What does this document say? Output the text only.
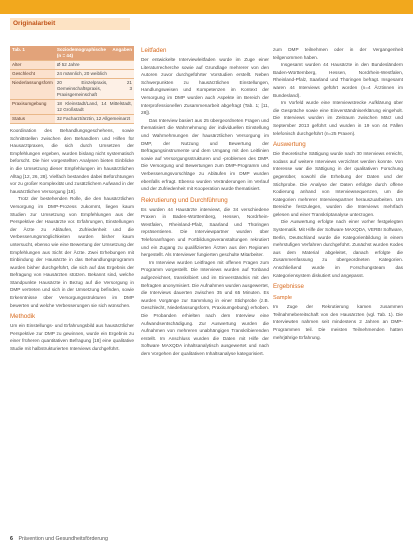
Originalarbeit
Tab. 1	Soziodemographische Angaben (n = 44)
Alter	Ø 52 Jahre
Geschlecht	24 männlich, 20 weiblich
Niederlassungsform	20 Einzelpraxis, 21 Gemeinschaftspraxis, 3 Praxisgemeinschaft
Praxisumgebung	18 Kleinstadt/Land, 14 Mittelstadt, 12 Großstadt
Status	32 Facharzt/ärztin, 12 Allgemeinarzt

Koordination des Behandlungsgeschehens, sowie Schnittstellen zwischen den Behandlern und Hilfen für Hausarztpraxen, die sich durch Umsetzen der Empfehlungen ergeben, wurden bislang nicht systematisch beforscht. Die hier vorgestellten Analysen bieten Einblicke in die Umsetzung dieser Empfehlungen im hausärztlichen Alltag [12, 26, 28]. Vielfach bestanden dabei Befürchtungen vor zu großer Komplexität und zusätzlichem Aufwand in der hausärztlichen Versorgung [18].

Trotz der bestehenden Rolle, die den hausärztlichen Versorgung im DMP-Prozess zukommt, liegen kaum Studien zur Umsetzung von Empfehlungen aus der Perspektive der Hausärzte vor. Erfahrungen, Einstellungen der Ärzte zu Abläufen, Zufriedenheit und die Verbesserungsmöglichkeiten wurden bisher kaum untersucht, ebenso wie eine Bewertung der Umsetzung der Empfehlungen aus Sicht der Ärzte. Zwei Erhebungen mit Einbindung der Hausärzte in das Behandlungsprogramm wurden bisher durchgeführt, die sich auf das Ergebnis der Befragung von Hausärzten stützen. Bekannt sind, welche Standpunkte Hausärzte in Bezug auf die Versorgung in DMP vertreten und sich in der Umsetzung befinden, sowie Erkenntnisse über Versorgungsstrukturen im DMP bewerten und welche Verbesserungen sie sich wünschen.

Methodik

Um ein Einstellungs- und Erfahrungsbild aus hausärztlicher Perspektive zur DMP zu gewinnen, wurde ein Ergebnis zu einer früheren quantitativen Befragung [18] eine qualitative Studie mit halbstrukturierten Interviews durchgeführt.

Leitfaden

Der entwickelte Interviewleitfaden wurde im Zuge einer Literaturrecherche sowie auf Grundlage mehrerer von den Autoren zuvor durchgeführter Vorstudien erstellt. Neben Schwerpunkten zu hausärztlichen Einstellungen, Handlungsweisen und Kompetenzen im Kontext der Versorgung im DMP wurden auch Aspekte im Bereich der Interprofessionellen Zusammenarbeit abgefragt (Tab. 1; [11, 28]).

Das Interview basiert aus 25 übergeordneten Fragen und thematisiert die Wahrnehmung der individuellen Einstellung und Wahrnehmungen der hausärztlichen Versorgung im DMP, der Nutzung und Bewertung der Befragungsinstrumente und dem Umgang mit den Leitlinien sowie auf Versorgungsstrukturen und -problemen des DMP. Die Versorgung und Bewertungen zum DMP-Programm und Verbesserungsvorschläge zu Abläufen im DMP wurden ebenfalls erfragt. Ebenso wurden Veränderungen im Verlauf und der Zufriedenheit mit Kooperation wurde thematisiert.

Rekrutierung und Durchführung

Es wurden 44 Hausärzte interviewt, die 34 verschiedene Praxen in Baden-Württemberg, Hessen, Nordrhein-Westfalen, Rheinland-Pfalz, Saarland und Thüringen repräsentieren. Die Interviewpartner wurden über Telefonanfragen und Fortbildungsveranstaltungen rekrutiert und ein Zugang zu qualifizierten Ärzten aus den Regionen hergestellt. Als Interviewer fungierten geschulte Mitarbeiter.

Im Interview wurden Leitfragen mit offenen Fragen zum Programm vorgestellt. Die Interviews wurden auf Tonband aufgezeichnet, transkribiert und im Einverständnis mit den Befragten anonymisiert. Die Aufnahmen wurden ausgewertet, die Interviews dauerten zwischen 35 und 65 Minuten. Es wurden Vorgänge zur Sammlung in einer Stichprobe (z.B. Geschlecht, Niederlassungsform, Praxisumgebung) erhoben. Die Probanden erhielten nach dem Interview eine Aufwandsentschädigung. Zur Auswertung wurden die Aufnahmen von mehreren unabhängigen Transkribierenden erstellt. Im Anschluss wurden die Daten mit Hilfe der Software MAXQDA inhaltsanalytisch ausgewertet und nach dem Vorgehen der qualitativen Inhaltsanalyse kategorisiert.

zum DMP teilnehmen oder in der Vergangenheit teilgenommen haben.

Insgesamt wurden 44 Hausärzte in den Bundesländern Baden-Württemberg, Hessen, Nordrhein-Westfalen, Rheinland-Pfalz, Saarland und Thüringen befragt. Insgesamt waren 44 Interviews geführt worden (n=4 Ärztinnen im Bundesland).

Im Vorfeld wurde eine Interviewstrecke Aufklärung über die Gespräche sowie eine Einverständniserklärung eingeholt. Die Interviews wurden im Zeitraum zwischen März und September 2013 geführt und wurden in 19 von 44 Fällen telefonisch durchgeführt (n=25 Praxen).

Auswertung

Die theoretische Sättigung wurde nach 30 Interviews erreicht, sodass auf weitere Interviews verzichtet werden konnte. Von Interesse war die Sättigung in der qualitativen Forschung gegenüber, sowohl die Erhebung der Daten und der Stichprobe. Die Analyse der Daten erfolgte durch offene Kodierung anhand von Interviewsequenzen, um die Kategorien mehrerer Interviewpartner herauszuarbeiten. Um Bereiche festzulegen, wurden die Interviews mehrfach gelesen und einer Transkriptanalyse unterzogen.

Die Auswertung erfolgte nach einer vorher festgelegten Systematik. Mit Hilfe der Software MAXQDA, VERBI Software, Berlin, Deutschland wurde die Kategorienbildung in einem mehrstufigen Verfahren durchgeführt. Zunächst wurden Kodes aus dem Material abgeleitet, danach erfolgte die Zusammenfassung zu übergeordneten Kategorien. Anschließend wurde im Forschungsteam das Kategoriensystem diskutiert und angepasst.

Ergebnisse
Sample

Im Zuge der Rekrutierung kamen zusammen Teilnahmebereitschaft von den Hausärzten (vgl. Tab. 1). Die Interviewten nahmen seit mindestens 2 Jahren an DMP-Programmen teil. Die meisten Teilnehmenden hatten mehrjährige Erfahrung.

6 Prävention und Gesundheitsförderung
